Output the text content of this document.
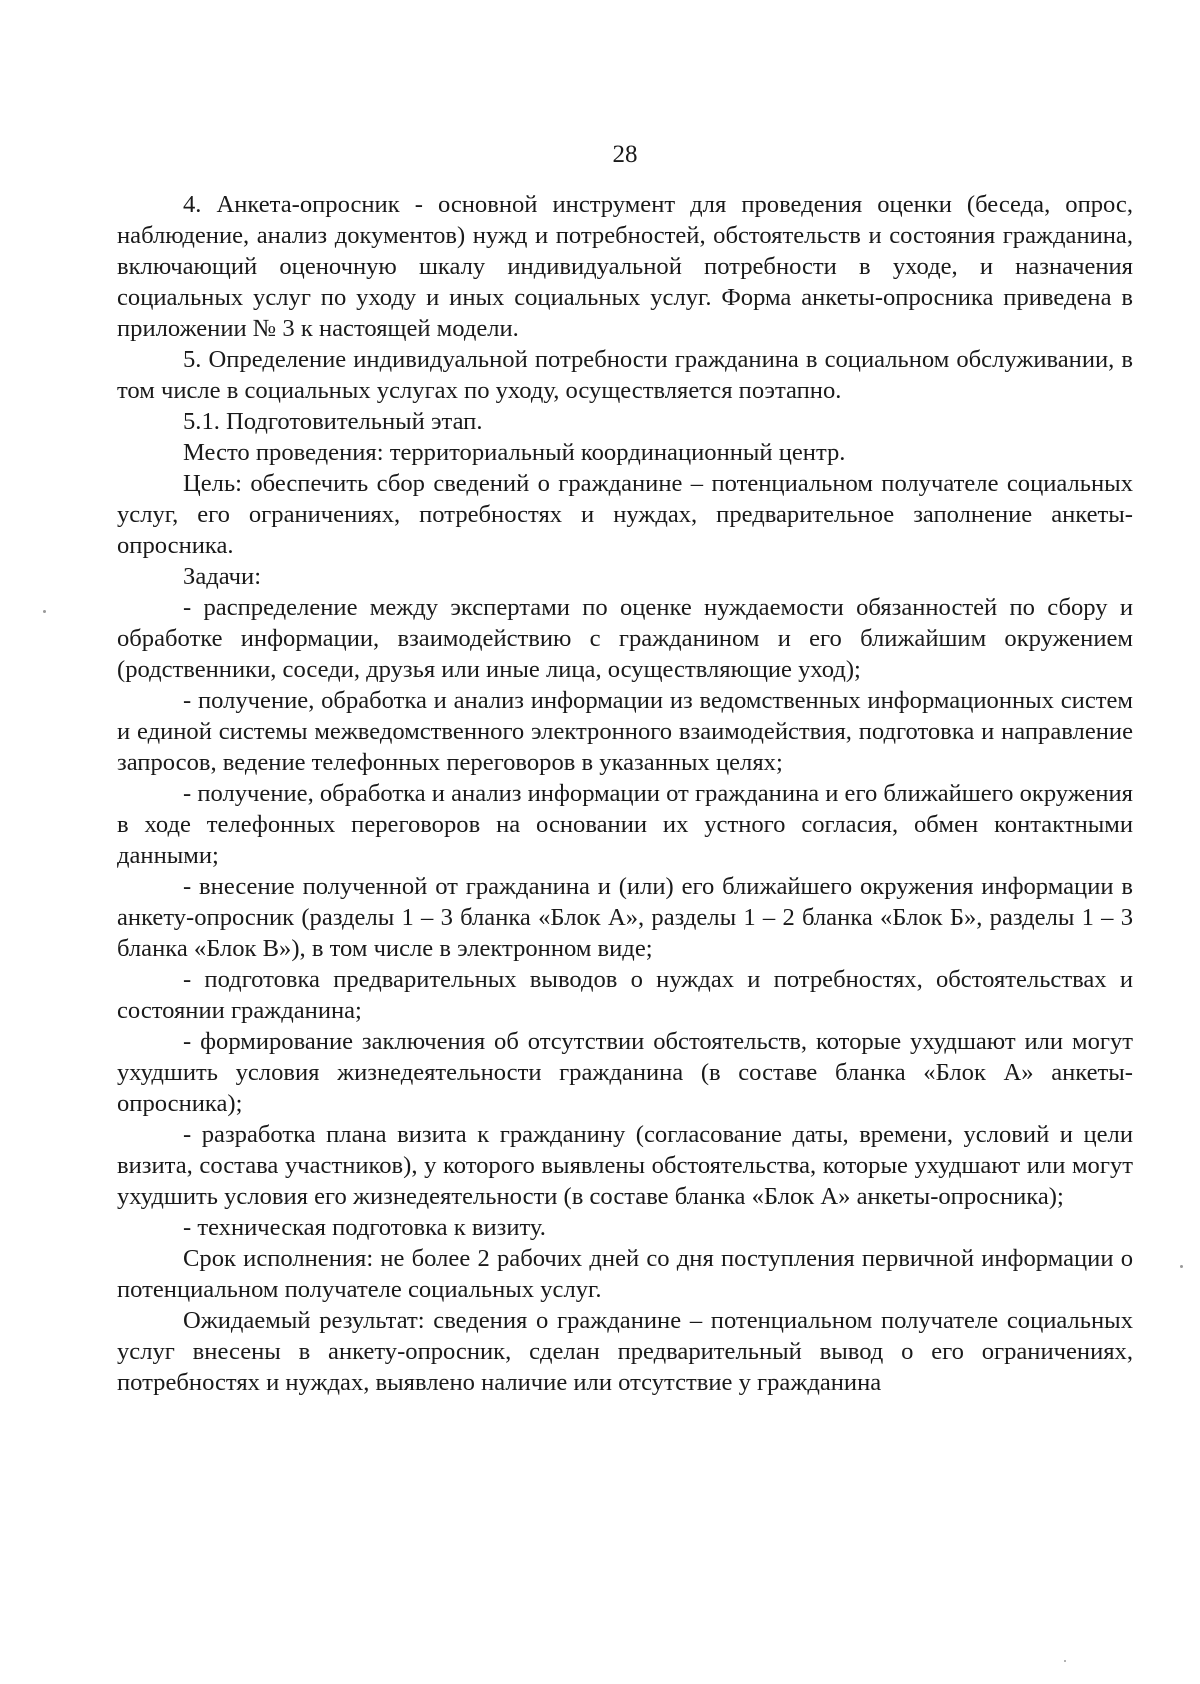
28

4. Анкета-опросник - основной инструмент для проведения оценки (беседа, опрос, наблюдение, анализ документов) нужд и потребностей, обстоятельств и состояния гражданина, включающий оценочную шкалу индивидуальной потребности в уходе, и назначения социальных услуг по уходу и иных социальных услуг. Форма анкеты-опросника приведена в приложении № 3 к настоящей модели.

5. Определение индивидуальной потребности гражданина в социальном обслуживании, в том числе в социальных услугах по уходу, осуществляется поэтапно.

5.1. Подготовительный этап.

Место проведения: территориальный координационный центр.

Цель: обеспечить сбор сведений о гражданине – потенциальном получателе социальных услуг, его ограничениях, потребностях и нуждах, предварительное заполнение анкеты-опросника.

Задачи:

- распределение между экспертами по оценке нуждаемости обязанностей по сбору и обработке информации, взаимодействию с гражданином и его ближайшим окружением (родственники, соседи, друзья или иные лица, осуществляющие уход);

- получение, обработка и анализ информации из ведомственных информационных систем и единой системы межведомственного электронного взаимодействия, подготовка и направление запросов, ведение телефонных переговоров в указанных целях;

- получение, обработка и анализ информации от гражданина и его ближайшего окружения в ходе телефонных переговоров на основании их устного согласия, обмен контактными данными;

- внесение полученной от гражданина и (или) его ближайшего окружения информации в анкету-опросник (разделы 1 – 3 бланка «Блок А», разделы 1 – 2 бланка «Блок Б», разделы 1 – 3 бланка «Блок В»), в том числе в электронном виде;

- подготовка предварительных выводов о нуждах и потребностях, обстоятельствах и состоянии гражданина;

- формирование заключения об отсутствии обстоятельств, которые ухудшают или могут ухудшить условия жизнедеятельности гражданина (в составе бланка «Блок А» анкеты-опросника);

- разработка плана визита к гражданину (согласование даты, времени, условий и цели визита, состава участников), у которого выявлены обстоятельства, которые ухудшают или могут ухудшить условия его жизнедеятельности (в составе бланка «Блок А» анкеты-опросника);

- техническая подготовка к визиту.

Срок исполнения: не более 2 рабочих дней со дня поступления первичной информации о потенциальном получателе социальных услуг.

Ожидаемый результат: сведения о гражданине – потенциальном получателе социальных услуг внесены в анкету-опросник, сделан предварительный вывод о его ограничениях, потребностях и нуждах, выявлено наличие или отсутствие у гражданина
